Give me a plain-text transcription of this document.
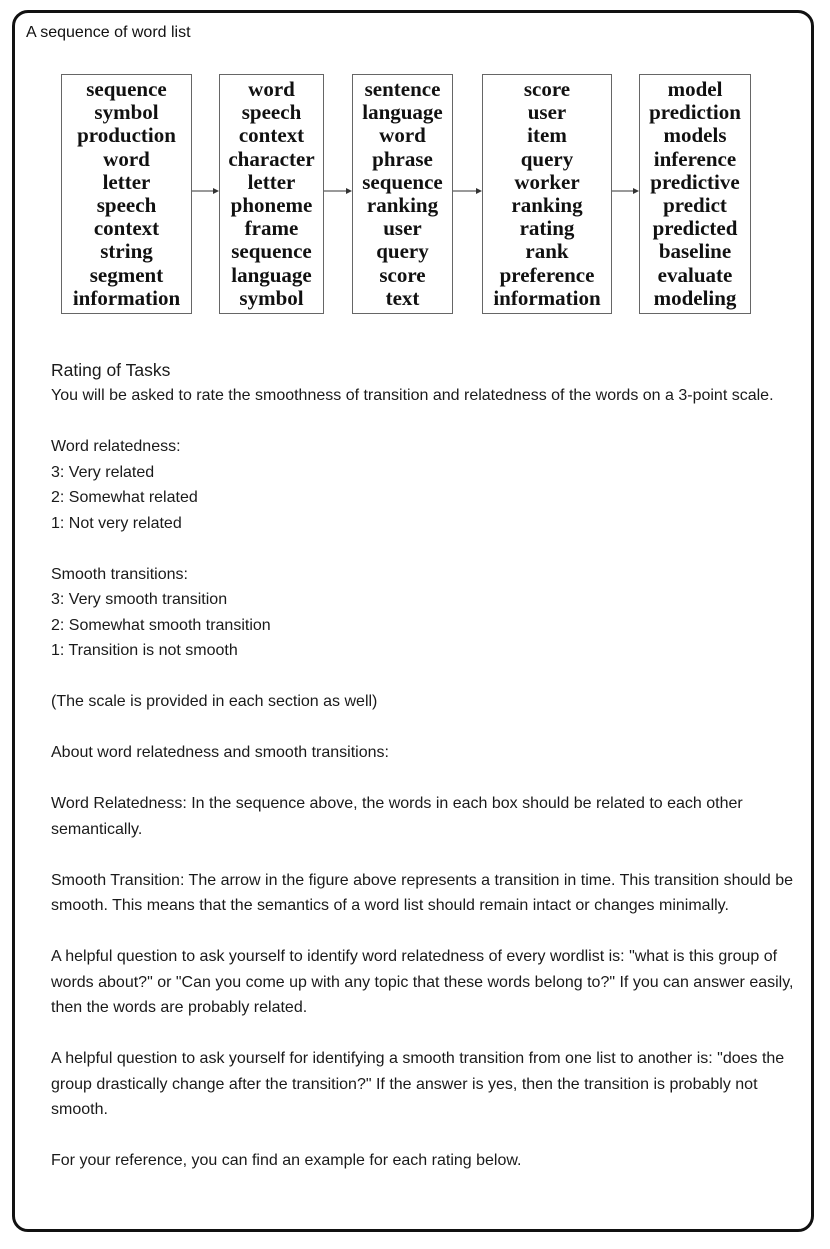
A sequence of word list
sequence
symbol
production
word
letter
speech
context
string
segment
information
word
speech
context
character
letter
phoneme
frame
sequence
language
symbol
sentence
language
word
phrase
sequence
ranking
user
query
score
text
score
user
item
query
worker
ranking
rating
rank
preference
information
model
prediction
models
inference
predictive
predict
predicted
baseline
evaluate
modeling

Rating of Tasks

You will be asked to rate the smoothness of transition and relatedness of the words on a 3-point scale.

Word relatedness:

3: Very related

2: Somewhat related

1: Not very related

Smooth transitions:

3: Very smooth transition

2: Somewhat smooth transition

1: Transition is not smooth

(The scale is provided in each section as well)

About word relatedness and smooth transitions:

Word Relatedness: In the sequence above, the words in each box should be related to each other semantically.

Smooth Transition: The arrow in the figure above represents a transition in time. This transition should be smooth. This means that the semantics of a word list should remain intact or changes minimally.

A helpful question to ask yourself to identify word relatedness of every wordlist is: "what is this group of words about?" or "Can you come up with any topic that these words belong to?" If you can answer easily, then the words are probably related.

A helpful question to ask yourself for identifying a smooth transition from one list to another is: "does the group drastically change after the transition?" If the answer is yes, then the transition is probably not smooth.

For your reference, you can find an example for each rating below.
